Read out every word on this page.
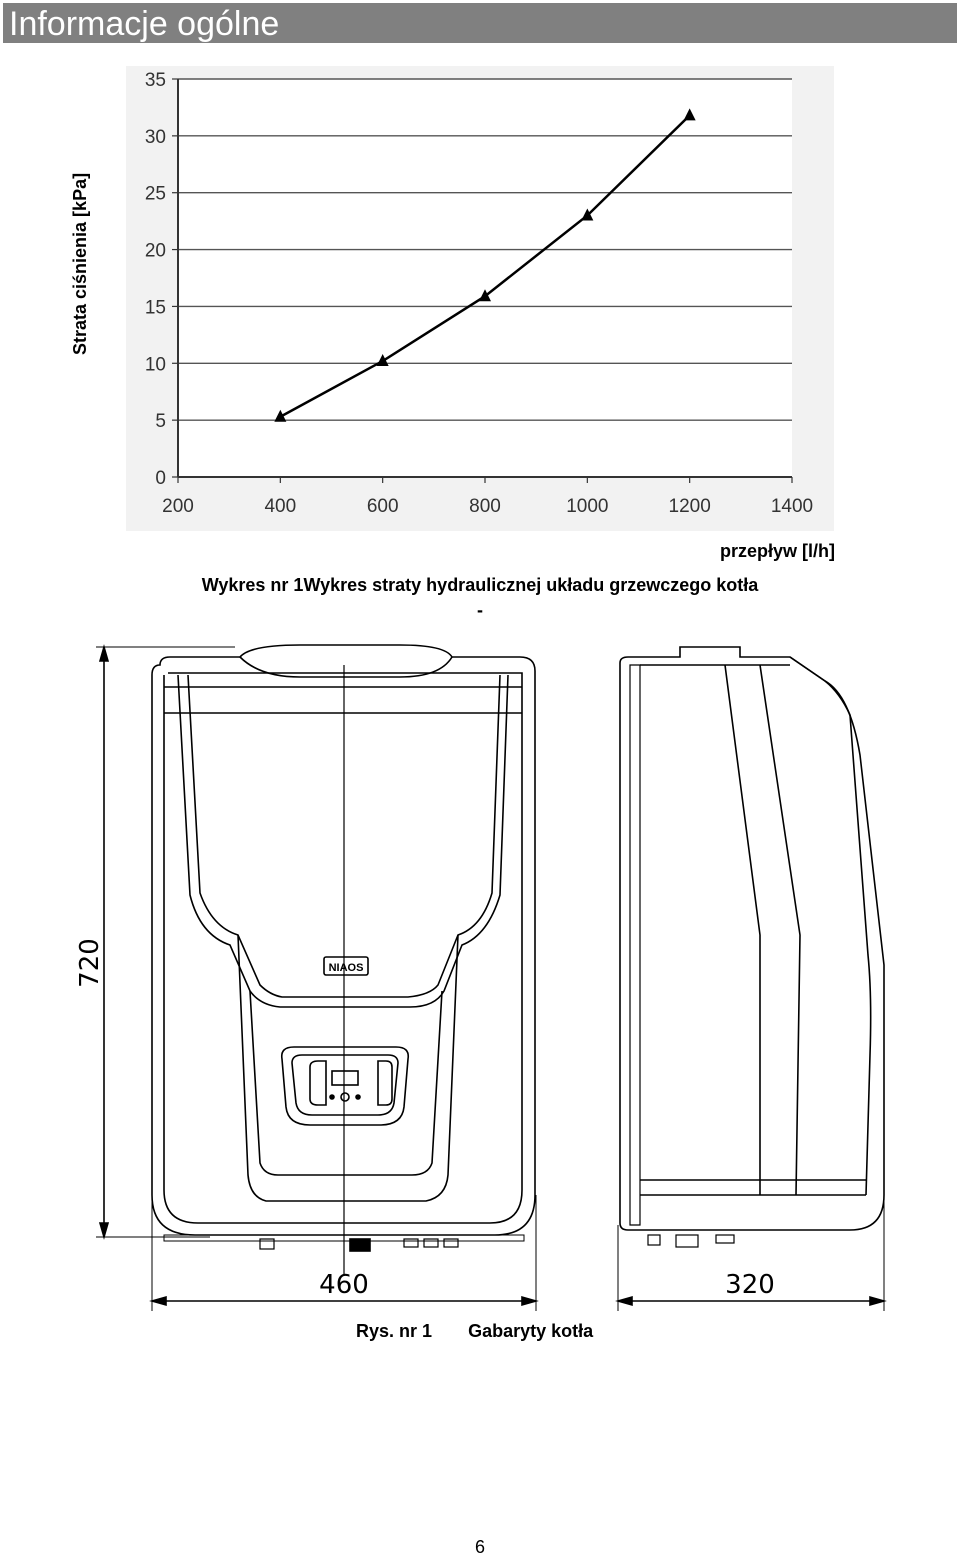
Informacje ogólne
Strata ciśnienia [kPa]
0
5
10
15
20
25
30
35
200	400	600	800	1000	1200	1400
przepływ [l/h]
Wykres nr 1Wykres straty hydraulicznej układu grzewczego kotła
-
720	NIAOS
460	320
Rys. nr 1 Gabaryty kotła
6
